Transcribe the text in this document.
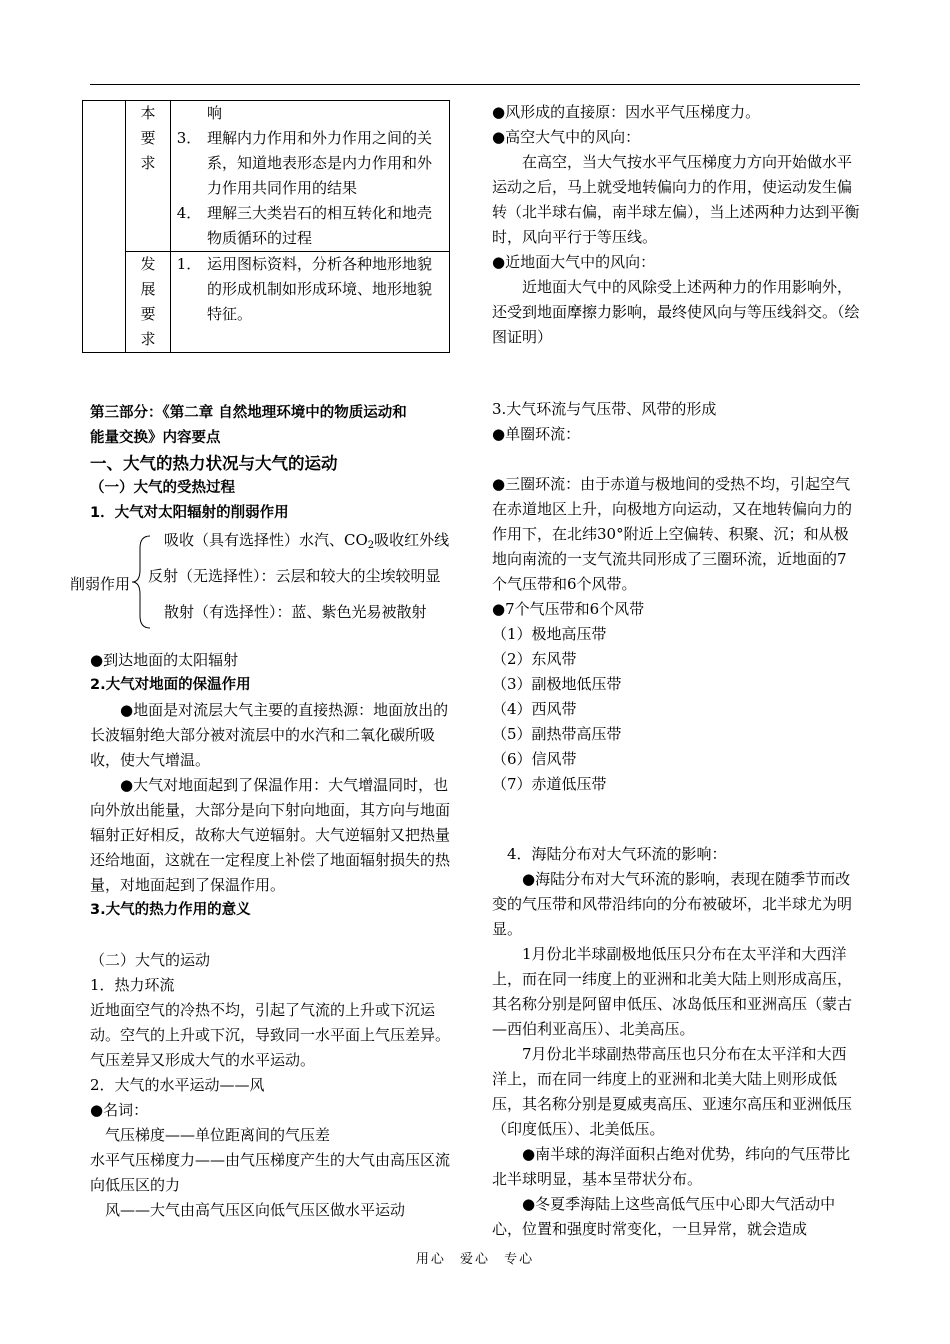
	本要求	响
3． 理解内力作用和外力作用之间的关系，知道地表形态是内力作用和外力作用共同作用的结果
4． 理解三大类岩石的相互转化和地壳物质循环的过程

	发展要求	1． 运用图标资料，分析各种地形地貌的形成机制如形成环境、地形地貌特征。

第三部分：《第二章 自然地理环境中的物质运动和

能量交换》内容要点

一、大气的热力状况与大气的运动

（一）大气的受热过程

1．大气对太阳辐射的削弱作用

削弱作用
吸收（具有选择性）水汽、$CO_2$吸收红外线
反射（无选择性）：云层和较大的尘埃较明显
散射（有选择性）：蓝、紫色光易被散射

●到达地面的太阳辐射

2.大气对地面的保温作用

●地面是对流层大气主要的直接热源：地面放出的长波辐射绝大部分被对流层中的水汽和二氧化碳所吸收，使大气增温。

●大气对地面起到了保温作用：大气增温同时，也向外放出能量，大部分是向下射向地面，其方向与地面辐射正好相反，故称大气逆辐射。大气逆辐射又把热量还给地面，这就在一定程度上补偿了地面辐射损失的热量，对地面起到了保温作用。

3.大气的热力作用的意义

（二）大气的运动

1．热力环流

近地面空气的冷热不均，引起了气流的上升或下沉运动。空气的上升或下沉，导致同一水平面上气压差异。气压差异又形成大气的水平运动。

2．大气的水平运动——风

●名词：

气压梯度——单位距离间的气压差

水平气压梯度力——由气压梯度产生的大气由高压区流向低压区的力

风——大气由高气压区向低气压区做水平运动

●风形成的直接原：因水平气压梯度力。

●高空大气中的风向：

在高空，当大气按水平气压梯度力方向开始做水平运动之后，马上就受地转偏向力的作用，使运动发生偏转（北半球右偏，南半球左偏），当上述两种力达到平衡时，风向平行于等压线。

●近地面大气中的风向：

近地面大气中的风除受上述两种力的作用影响外，还受到地面摩擦力影响，最终使风向与等压线斜交。（绘图证明）

3.大气环流与气压带、风带的形成

●单圈环流：

●三圈环流：由于赤道与极地间的受热不均，引起空气在赤道地区上升，向极地方向运动，又在地转偏向力的作用下，在北纬30°附近上空偏转、积聚、沉；和从极地向南流的一支气流共同形成了三圈环流，近地面的7个气压带和6个风带。

●7个气压带和6个风带

（1）极地高压带

（2）东风带

（3）副极地低压带

（4）西风带

（5）副热带高压带

（6）信风带

（7）赤道低压带

4．海陆分布对大气环流的影响：

●海陆分布对大气环流的影响，表现在随季节而改变的气压带和风带沿纬向的分布被破坏，北半球尤为明显。

1月份北半球副极地低压只分布在太平洋和大西洋上，而在同一纬度上的亚洲和北美大陆上则形成高压，其名称分别是阿留申低压、冰岛低压和亚洲高压（蒙古—西伯利亚高压）、北美高压。

7月份北半球副热带高压也只分布在太平洋和大西洋上，而在同一纬度上的亚洲和北美大陆上则形成低压，其名称分别是夏威夷高压、亚速尔高压和亚洲低压（印度低压）、北美低压。

●南半球的海洋面积占绝对优势，纬向的气压带比北半球明显，基本呈带状分布。

●冬夏季海陆上这些高低气压中心即大气活动中心，位置和强度时常变化，一旦异常，就会造成

用心 爱心 专心
